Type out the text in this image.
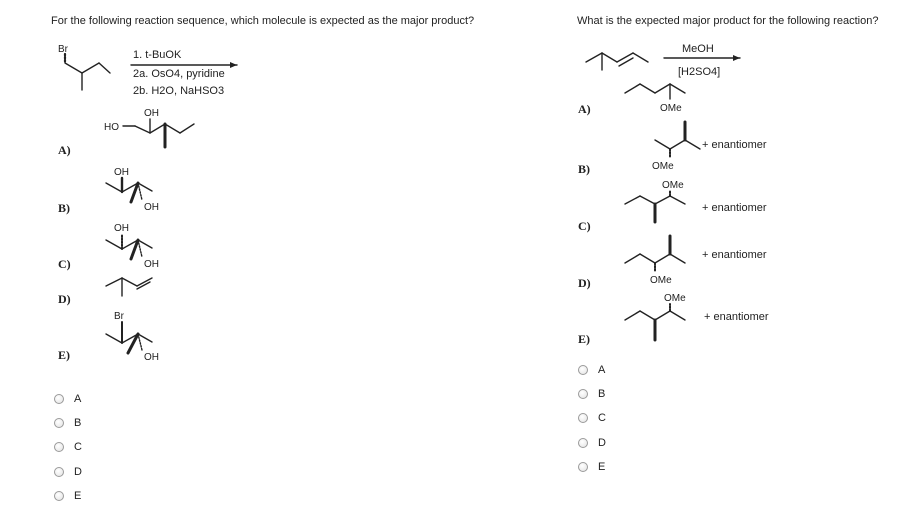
For the following reaction sequence, which molecule is expected as the major product?
1. t-BuOK
2a. OsO4, pyridine
2b. H2O, NaHSO3
Br
HO
OH
OH
OH
OH
OH
Br
OH
MeOH
[H2SO4]
OMe
+ enantiomer
OMe
OMe
+ enantiomer
+ enantiomer
OMe
OMe
+ enantiomer
A)
B)
C)
D)
E)
A
B
C
D
E
What is the expected major product for the following reaction?
A)
B)
C)
D)
E)
A
B
C
D
E
